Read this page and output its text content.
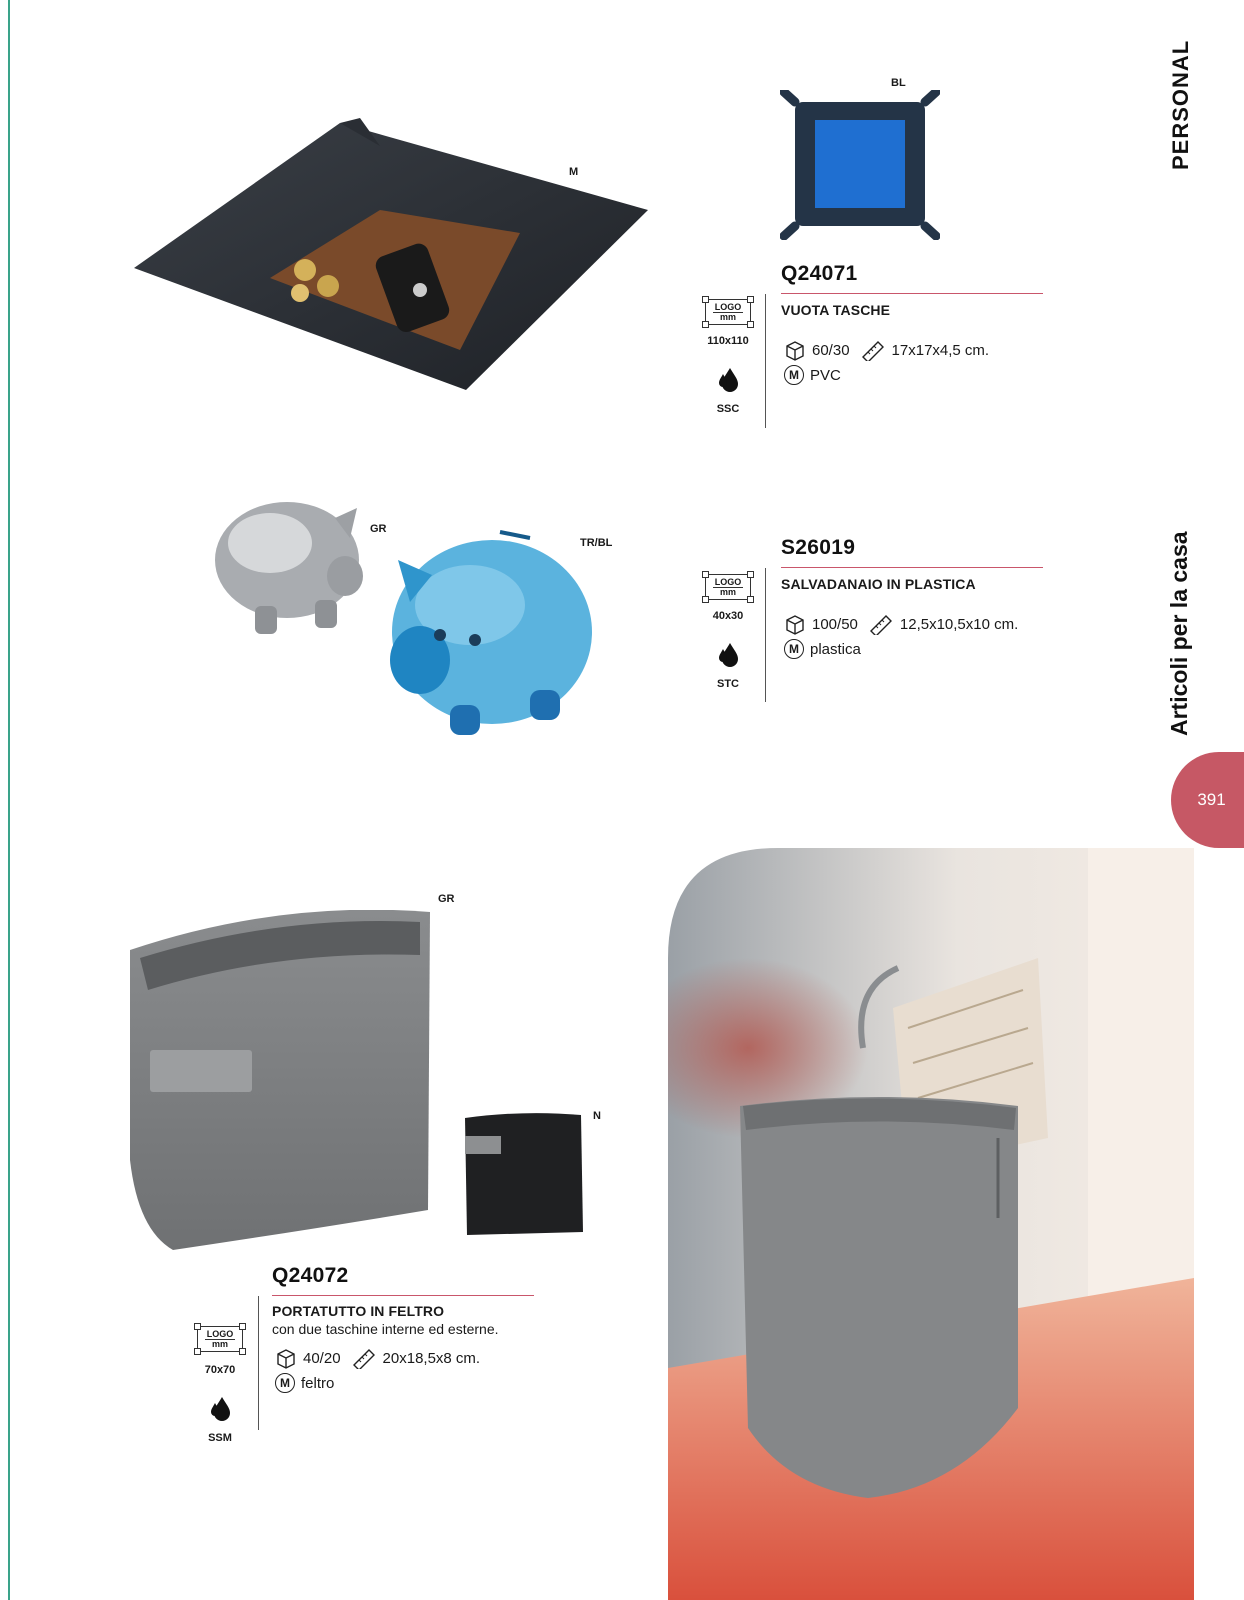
M
BL
Q24071
VUOTA TASCHE
60/30	17x17x4,5 cm.
M PVC
LOGO
mm
110x110
SSC
GR
TR/BL	S26019
SALVADANAIO IN PLASTICA
100/50	12,5x10,5x10 cm.
M plastica
LOGO
mm
40x30
STC
GR
N
Q24072
PORTATUTTO IN FELTRO
con due taschine interne ed esterne.
40/20	20x18,5x8 cm.
M feltro
LOGO
mm
70x70
SSM
PERSONAL
Articoli per la casa
391
